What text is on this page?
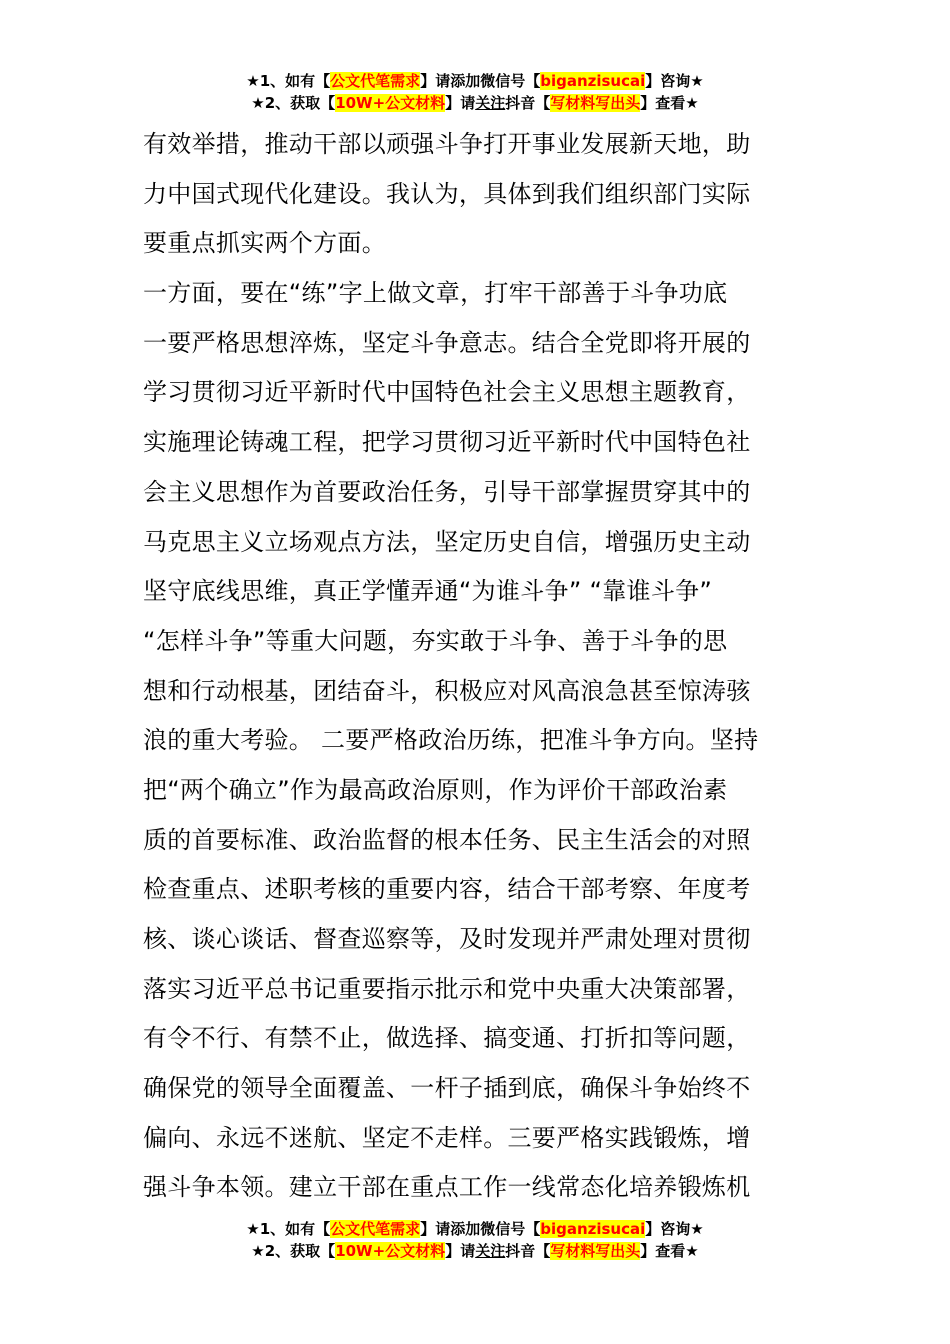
★1、如有【公文代笔需求】请添加微信号【biganzisucai】咨询★
★2、获取【10W+公文材料】请关注抖音【写材料写出头】查看★
有效举措，推动干部以顽强斗争打开事业发展新天地，助
力中国式现代化建设。我认为，具体到我们组织部门实际
要重点抓实两个方面。
一方面，要在“练”字上做文章，打牢干部善于斗争功底
一要严格思想淬炼，坚定斗争意志。结合全党即将开展的
学习贯彻习近平新时代中国特色社会主义思想主题教育，
实施理论铸魂工程，把学习贯彻习近平新时代中国特色社
会主义思想作为首要政治任务，引导干部掌握贯穿其中的
马克思主义立场观点方法，坚定历史自信，增强历史主动
坚守底线思维，真正学懂弄通“为谁斗争” “靠谁斗争”
“怎样斗争”等重大问题，夯实敢于斗争、善于斗争的思
想和行动根基，团结奋斗，积极应对风高浪急甚至惊涛骇
浪的重大考验。 二要严格政治历练，把准斗争方向。坚持
把“两个确立”作为最高政治原则，作为评价干部政治素
质的首要标准、政治监督的根本任务、民主生活会的对照
检查重点、述职考核的重要内容，结合干部考察、年度考
核、谈心谈话、督查巡察等，及时发现并严肃处理对贯彻
落实习近平总书记重要指示批示和党中央重大决策部署，
有令不行、有禁不止，做选择、搞变通、打折扣等问题，
确保党的领导全面覆盖、一杆子插到底，确保斗争始终不
偏向、永远不迷航、坚定不走样。三要严格实践锻炼，增
强斗争本领。建立干部在重点工作一线常态化培养锻炼机
★1、如有【公文代笔需求】请添加微信号【biganzisucai】咨询★
★2、获取【10W+公文材料】请关注抖音【写材料写出头】查看★
